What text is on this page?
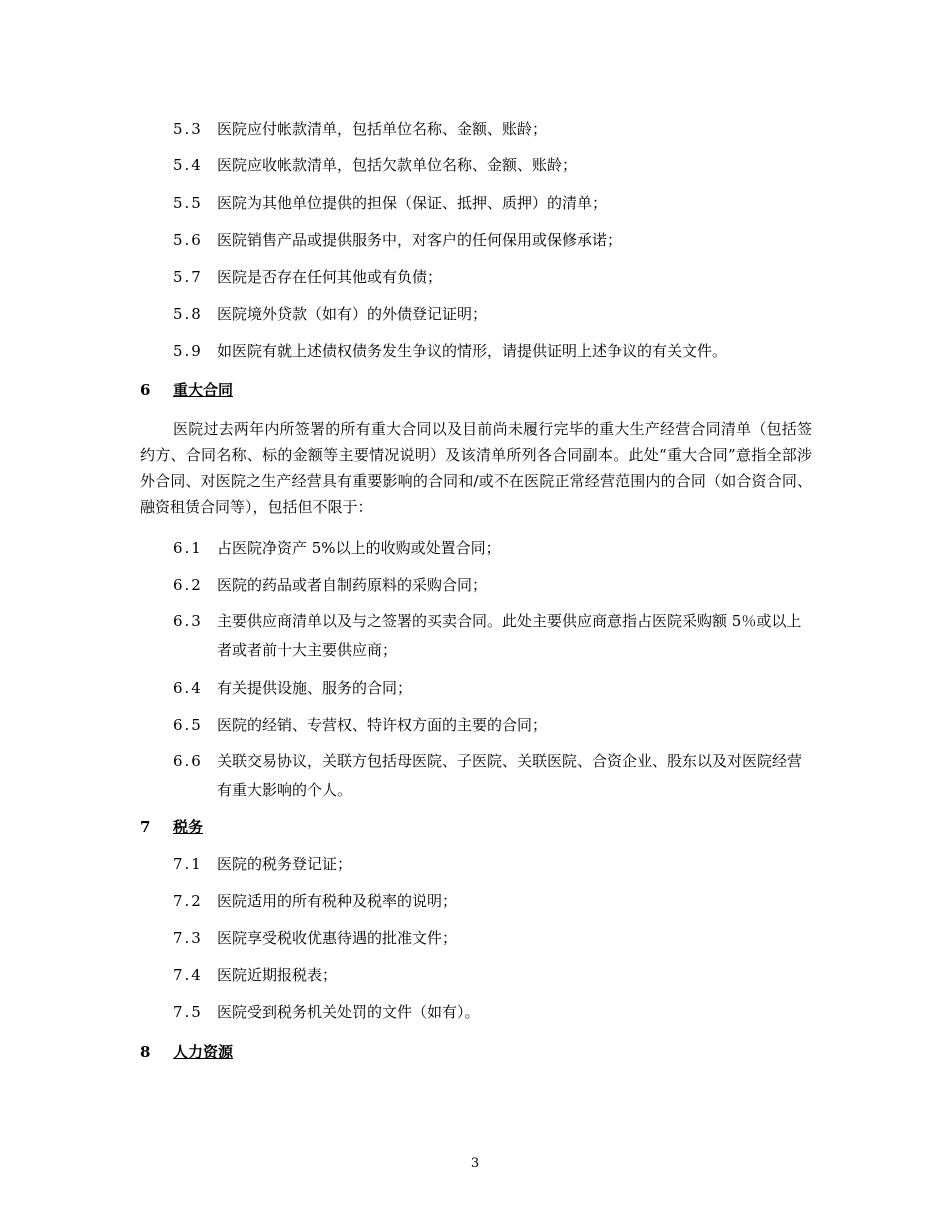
5.3 医院应付帐款清单，包括单位名称、金额、账龄；
5.4 医院应收帐款清单，包括欠款单位名称、金额、账龄；
5.5 医院为其他单位提供的担保（保证、抵押、质押）的清单；
5.6 医院销售产品或提供服务中，对客户的任何保用或保修承诺；
5.7 医院是否存在任何其他或有负债；
5.8 医院境外贷款（如有）的外债登记证明；
5.9 如医院有就上述债权债务发生争议的情形，请提供证明上述争议的有关文件。
6 重大合同
医院过去两年内所签署的所有重大合同以及目前尚未履行完毕的重大生产经营合同清单（包括签约方、合同名称、标的金额等主要情况说明）及该清单所列各合同副本。此处“重大合同”意指全部涉外合同、对医院之生产经营具有重要影响的合同和/或不在医院正常经营范围内的合同（如合资合同、融资租赁合同等），包括但不限于：
6.1 占医院净资产 5%以上的收购或处置合同；
6.2 医院的药品或者自制药原料的采购合同；
6.3 主要供应商清单以及与之签署的买卖合同。此处主要供应商意指占医院采购额 5％或以上者或者前十大主要供应商；
6.4 有关提供设施、服务的合同；
6.5 医院的经销、专营权、特许权方面的主要的合同；
6.6 关联交易协议，关联方包括母医院、子医院、关联医院、合资企业、股东以及对医院经营有重大影响的个人。
7 税务
7.1 医院的税务登记证；
7.2 医院适用的所有税种及税率的说明；
7.3 医院享受税收优惠待遇的批准文件；
7.4 医院近期报税表；
7.5 医院受到税务机关处罚的文件（如有）。
8 人力资源
3
